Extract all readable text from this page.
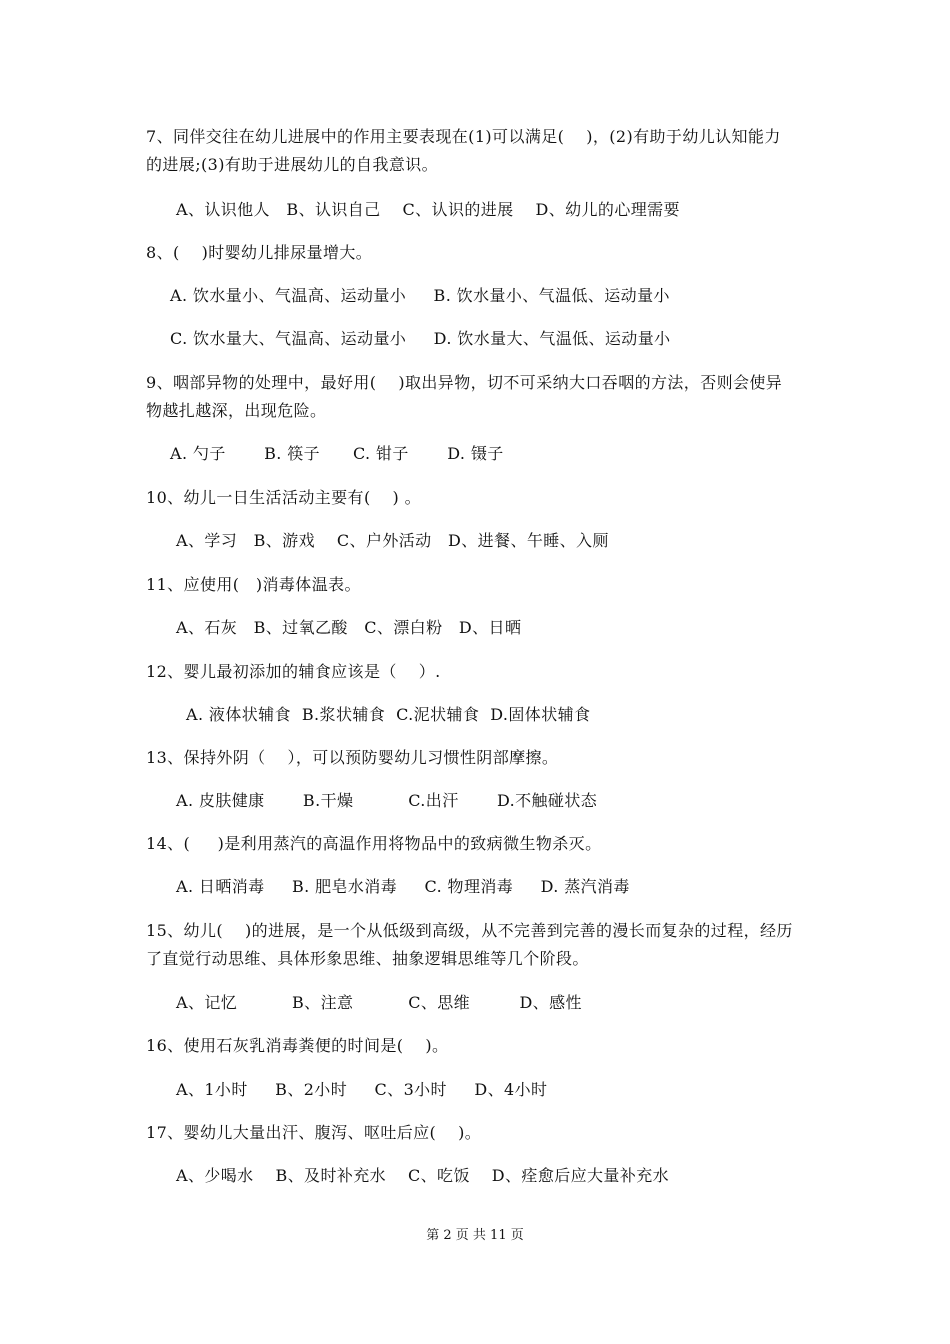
7、同伴交往在幼儿进展中的作用主要表现在(1)可以满足(    )，(2)有助于幼儿认知能力
的进展;(3)有助于进展幼儿的自我意识。
A、认识他人   B、认识自己    C、认识的进展    D、幼儿的心理需要
8、(    )时婴幼儿排尿量增大。
A. 饮水量小、气温高、运动量小     B. 饮水量小、气温低、运动量小
C. 饮水量大、气温高、运动量小     D. 饮水量大、气温低、运动量小
9、咽部异物的处理中，最好用(    )取出异物，切不可采纳大口吞咽的方法，否则会使异
物越扎越深，出现危险。
A. 勺子       B. 筷子      C. 钳子       D. 镊子
10、幼儿一日生活活动主要有(    ) 。
A、学习   B、游戏    C、户外活动   D、进餐、午睡、入厕
11、应使用(   )消毒体温表。
A、石灰   B、过氧乙酸   C、漂白粉   D、日晒
12、婴儿最初添加的辅食应该是（    ）.
A. 液体状辅食  B.浆状辅食  C.泥状辅食  D.固体状辅食
13、保持外阴（    ），可以预防婴幼儿习惯性阴部摩擦。
A. 皮肤健康       B.干燥          C.出汗       D.不触碰状态
14、(     )是利用蒸汽的高温作用将物品中的致病微生物杀灭。
A. 日晒消毒     B. 肥皂水消毒     C. 物理消毒     D. 蒸汽消毒
15、幼儿(    )的进展，是一个从低级到高级，从不完善到完善的漫长而复杂的过程，经历
了直觉行动思维、具体形象思维、抽象逻辑思维等几个阶段。
A、记忆          B、注意          C、思维         D、感性
16、使用石灰乳消毒粪便的时间是(    )。
A、1小时     B、2小时     C、3小时     D、4小时
17、婴幼儿大量出汗、腹泻、呕吐后应(    )。
A、少喝水    B、及时补充水    C、吃饭    D、痊愈后应大量补充水
第 2 页 共 11 页
